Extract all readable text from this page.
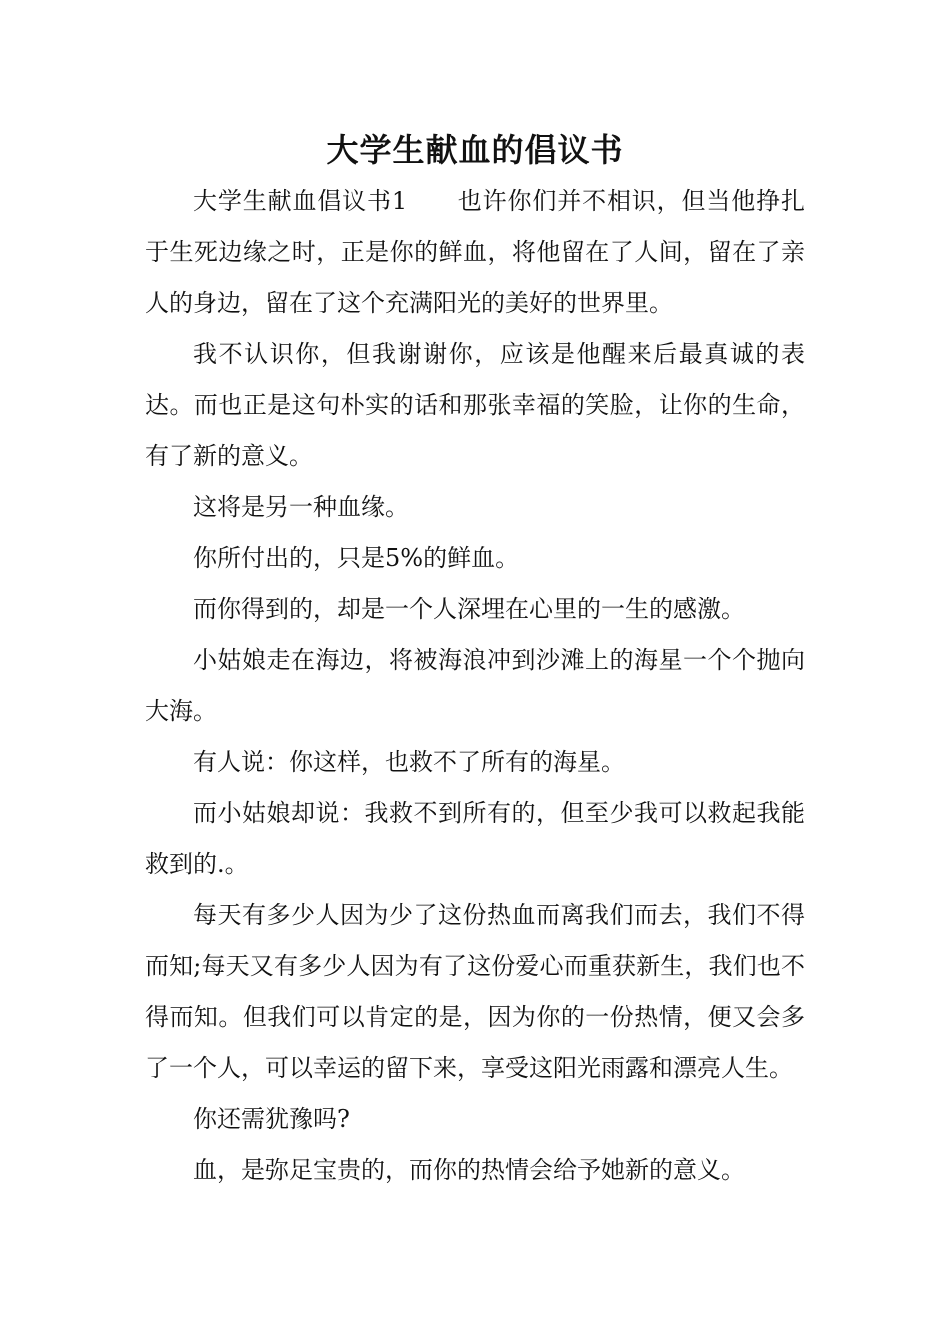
大学生献血的倡议书

大学生献血倡议书1　　也许你们并不相识，但当他挣扎于生死边缘之时，正是你的鲜血，将他留在了人间，留在了亲人的身边，留在了这个充满阳光的美好的世界里。

我不认识你，但我谢谢你，应该是他醒来后最真诚的表达。而也正是这句朴实的话和那张幸福的笑脸，让你的生命，有了新的意义。

这将是另一种血缘。

你所付出的，只是5%的鲜血。

而你得到的，却是一个人深埋在心里的一生的感激。

小姑娘走在海边，将被海浪冲到沙滩上的海星一个个抛向大海。

有人说：你这样，也救不了所有的海星。

而小姑娘却说：我救不到所有的，但至少我可以救起我能救到的.。

每天有多少人因为少了这份热血而离我们而去，我们不得而知;每天又有多少人因为有了这份爱心而重获新生，我们也不得而知。但我们可以肯定的是，因为你的一份热情，便又会多了一个人，可以幸运的留下来，享受这阳光雨露和漂亮人生。

你还需犹豫吗?

血，是弥足宝贵的，而你的热情会给予她新的意义。
